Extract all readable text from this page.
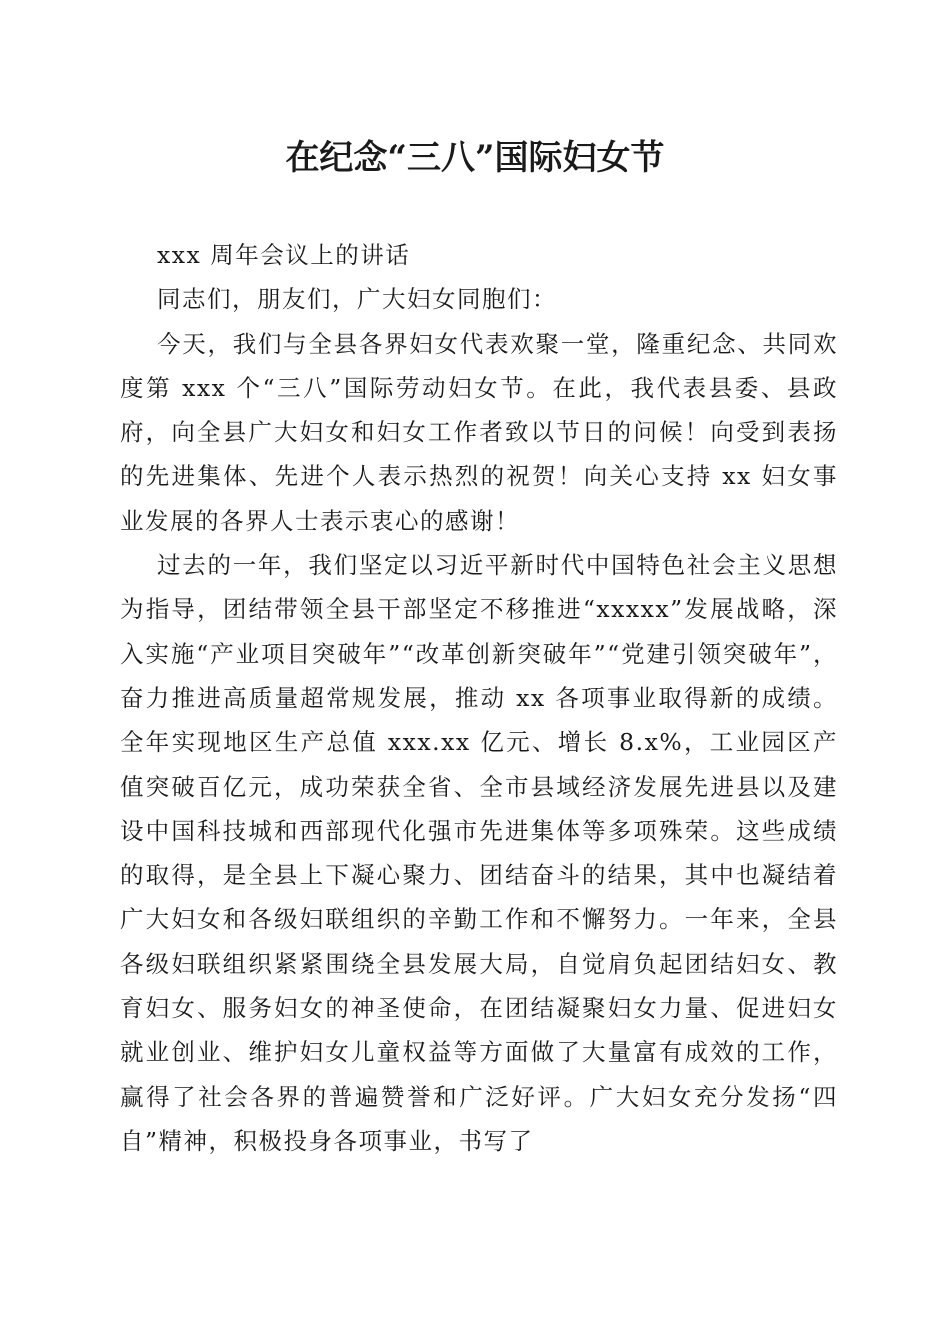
在纪念“三八”国际妇女节

xxx 周年会议上的讲话

同志们，朋友们，广大妇女同胞们：

今天，我们与全县各界妇女代表欢聚一堂，隆重纪念、共同欢度第 xxx 个“三八”国际劳动妇女节。在此，我代表县委、县政府，向全县广大妇女和妇女工作者致以节日的问候！向受到表扬的先进集体、先进个人表示热烈的祝贺！向关心支持 xx 妇女事业发展的各界人士表示衷心的感谢！

过去的一年，我们坚定以习近平新时代中国特色社会主义思想为指导，团结带领全县干部坚定不移推进“xxxxx”发展战略，深入实施“产业项目突破年”“改革创新突破年”“党建引领突破年”，奋力推进高质量超常规发展，推动 xx 各项事业取得新的成绩。全年实现地区生产总值 xxx.xx 亿元、增长 8.x%，工业园区产值突破百亿元，成功荣获全省、全市县域经济发展先进县以及建设中国科技城和西部现代化强市先进集体等多项殊荣。这些成绩的取得，是全县上下凝心聚力、团结奋斗的结果，其中也凝结着广大妇女和各级妇联组织的辛勤工作和不懈努力。一年来，全县各级妇联组织紧紧围绕全县发展大局，自觉肩负起团结妇女、教育妇女、服务妇女的神圣使命，在团结凝聚妇女力量、促进妇女就业创业、维护妇女儿童权益等方面做了大量富有成效的工作，赢得了社会各界的普遍赞誉和广泛好评。广大妇女充分发扬“四自”精神，积极投身各项事业，书写了
